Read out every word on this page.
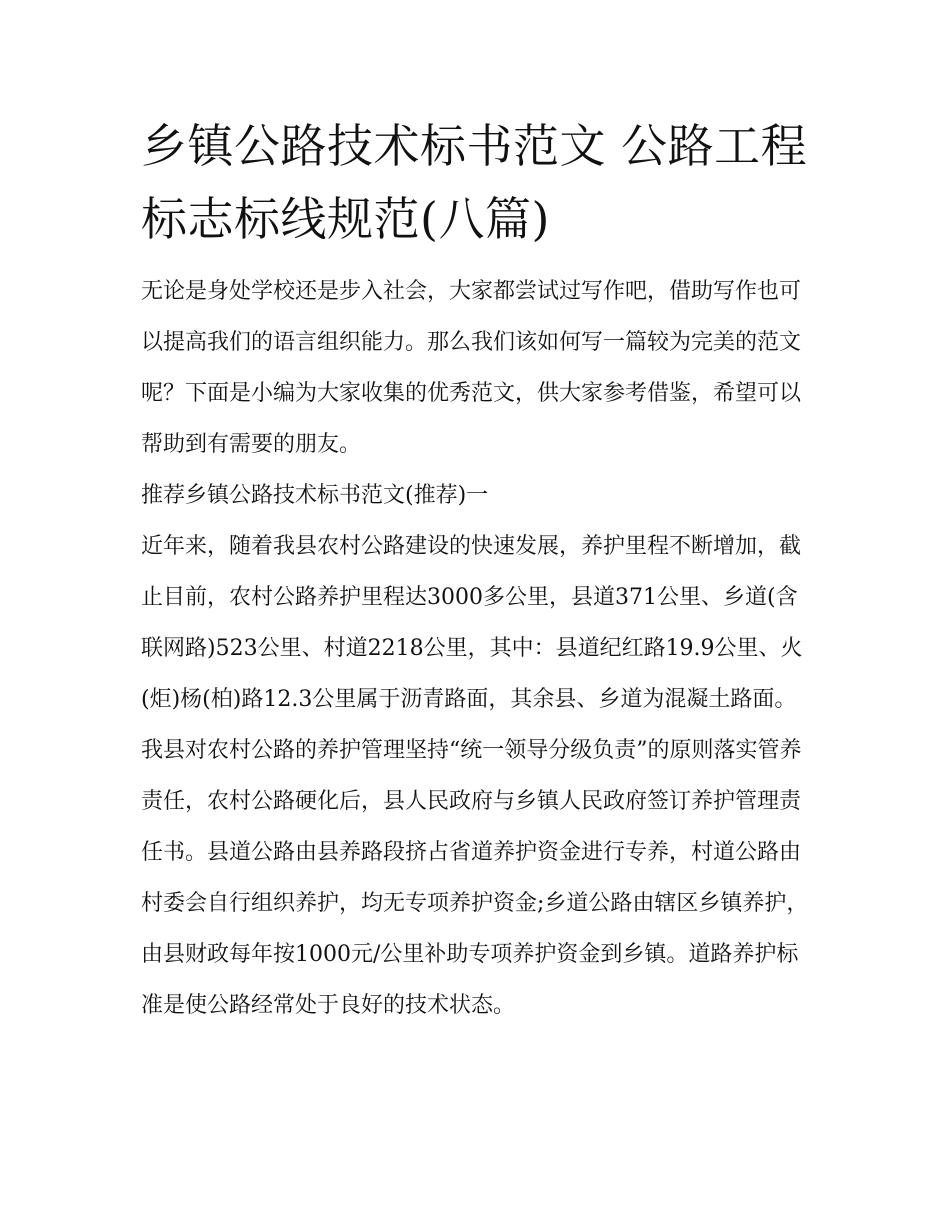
乡镇公路技术标书范文 公路工程标志标线规范(八篇)

无论是身处学校还是步入社会，大家都尝试过写作吧，借助写作也可以提高我们的语言组织能力。那么我们该如何写一篇较为完美的范文呢？下面是小编为大家收集的优秀范文，供大家参考借鉴，希望可以帮助到有需要的朋友。

推荐乡镇公路技术标书范文(推荐)一

近年来，随着我县农村公路建设的快速发展，养护里程不断增加，截止目前，农村公路养护里程达3000多公里，县道371公里、乡道(含联网路)523公里、村道2218公里，其中：县道纪红路19.9公里、火(炬)杨(柏)路12.3公里属于沥青路面，其余县、乡道为混凝土路面。我县对农村公路的养护管理坚持“统一领导分级负责”的原则落实管养责任，农村公路硬化后，县人民政府与乡镇人民政府签订养护管理责任书。县道公路由县养路段挤占省道养护资金进行专养，村道公路由村委会自行组织养护，均无专项养护资金;乡道公路由辖区乡镇养护，由县财政每年按1000元/公里补助专项养护资金到乡镇。道路养护标准是使公路经常处于良好的技术状态。
